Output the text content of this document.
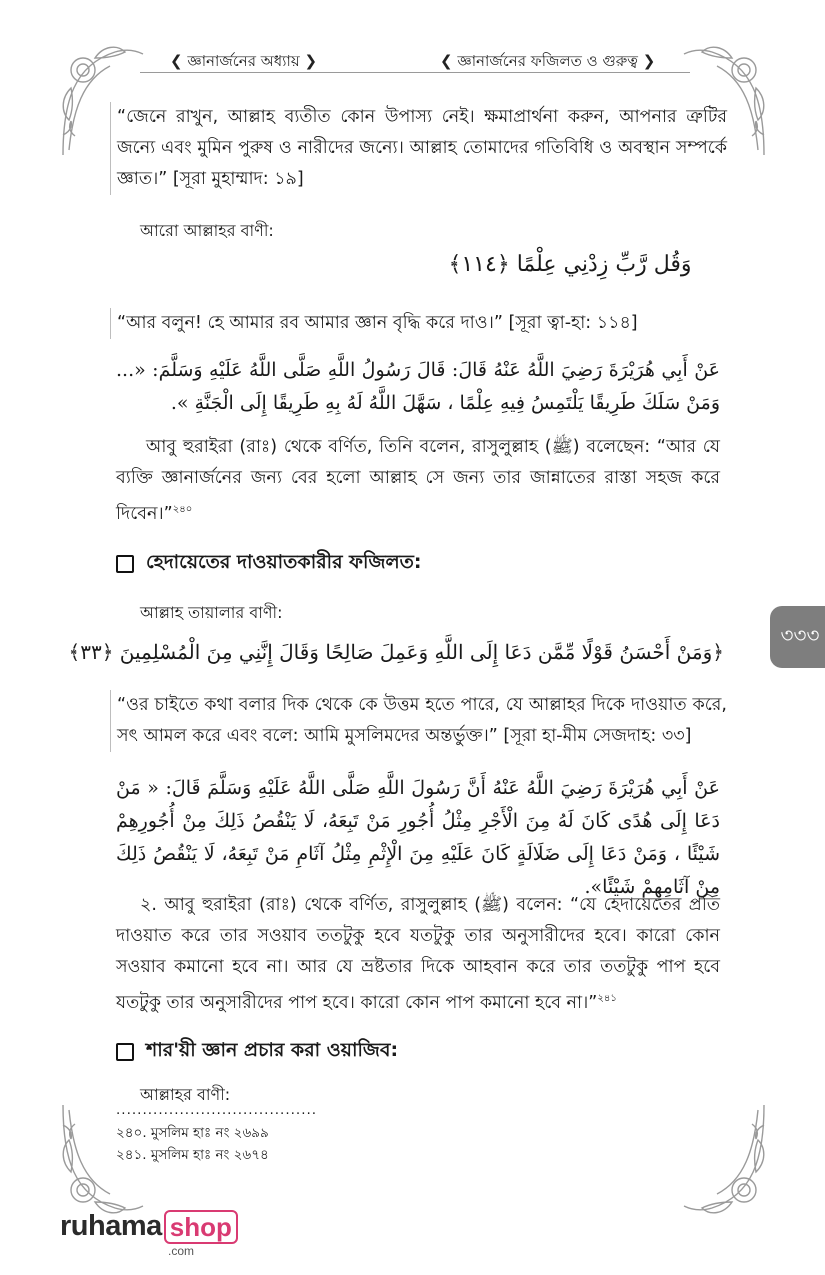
❮ জ্ঞানার্জনের অধ্যায় ❯	❮ জ্ঞানার্জনের ফজিলত ও গুরুত্ব ❯
৩৩৩
“জেনে রাখুন, আল্লাহ ব্যতীত কোন উপাস্য নেই। ক্ষমাপ্রার্থনা করুন, আপনার ত্রুটির জন্যে এবং মুমিন পুরুষ ও নারীদের জন্যে। আল্লাহ তোমাদের গতিবিধি ও অবস্থান সম্পর্কে জ্ঞাত।” [সূরা মুহাম্মাদ: ১৯]
আরো আল্লাহর বাণী:
وَقُل رَّبِّ زِدْنِي عِلْمًا ﴿١١٤﴾
“আর বলুন! হে আমার রব আমার জ্ঞান বৃদ্ধি করে দাও।” [সূরা ত্বা-হা: ১১৪]
عَنْ أَبِي هُرَيْرَةَ رَضِيَ اللَّهُ عَنْهُ قَالَ: قَالَ رَسُولُ اللَّهِ صَلَّى اللَّهُ عَلَيْهِ وَسَلَّمَ: «... وَمَنْ سَلَكَ طَرِيقًا يَلْتَمِسُ فِيهِ عِلْمًا ، سَهَّلَ اللَّهُ لَهُ بِهِ طَرِيقًا إِلَى الْجَنَّةِ ».
আবু হুরাইরা (রাঃ) থেকে বর্ণিত, তিনি বলেন, রাসুলুল্লাহ (ﷺ) বলেছেন: “আর যে ব্যক্তি জ্ঞানার্জনের জন্য বের হলো আল্লাহ সে জন্য তার জান্নাতের রাস্তা সহজ করে দিবেন।”$^{২৪০}$
হেদায়েতের দাওয়াতকারীর ফজিলত:
আল্লাহ তায়ালার বাণী:
﴿وَمَنْ أَحْسَنُ قَوْلًا مِّمَّن دَعَا إِلَى اللَّهِ وَعَمِلَ صَالِحًا وَقَالَ إِنَّنِي مِنَ الْمُسْلِمِينَ ﴿٣٣﴾
“ওর চাইতে কথা বলার দিক থেকে কে উত্তম হতে পারে, যে আল্লাহর দিকে দাওয়াত করে, সৎ আমল করে এবং বলে: আমি মুসলিমদের অন্তর্ভুক্ত।” [সূরা হা-মীম সেজদাহ: ৩৩]
عَنْ أَبِي هُرَيْرَةَ رَضِيَ اللَّهُ عَنْهُ أَنَّ رَسُولَ اللَّهِ صَلَّى اللَّهُ عَلَيْهِ وَسَلَّمَ قَالَ: « مَنْ دَعَا إِلَى هُدًى كَانَ لَهُ مِنَ الْأَجْرِ مِثْلُ أُجُورِ مَنْ تَبِعَهُ، لَا يَنْقُصُ ذَلِكَ مِنْ أُجُورِهِمْ شَيْئًا ، وَمَنْ دَعَا إِلَى ضَلَالَةٍ كَانَ عَلَيْهِ مِنَ الْإِثْمِ مِثْلُ آثَامِ مَنْ تَبِعَهُ، لَا يَنْقُصُ ذَلِكَ مِنْ آثَامِهِمْ شَيْئًا».
২. আবু হুরাইরা (রাঃ) থেকে বর্ণিত, রাসুলুল্লাহ (ﷺ) বলেন: “যে হেদায়েতের প্রতি দাওয়াত করে তার সওয়াব ততটুকু হবে যতটুকু তার অনুসারীদের হবে। কারো কোন সওয়াব কমানো হবে না। আর যে ভ্রষ্টতার দিকে আহবান করে তার ততটুকু পাপ হবে যতটুকু তার অনুসারীদের পাপ হবে। কারো কোন পাপ কমানো হবে না।”$^{২৪১}$
শার'য়ী জ্ঞান প্রচার করা ওয়াজিব:
আল্লাহর বাণী:
......................................
২৪০. মুসলিম হাঃ নং ২৬৯৯
২৪১. মুসলিম হাঃ নং ২৬৭৪
ruhama shop
.com
